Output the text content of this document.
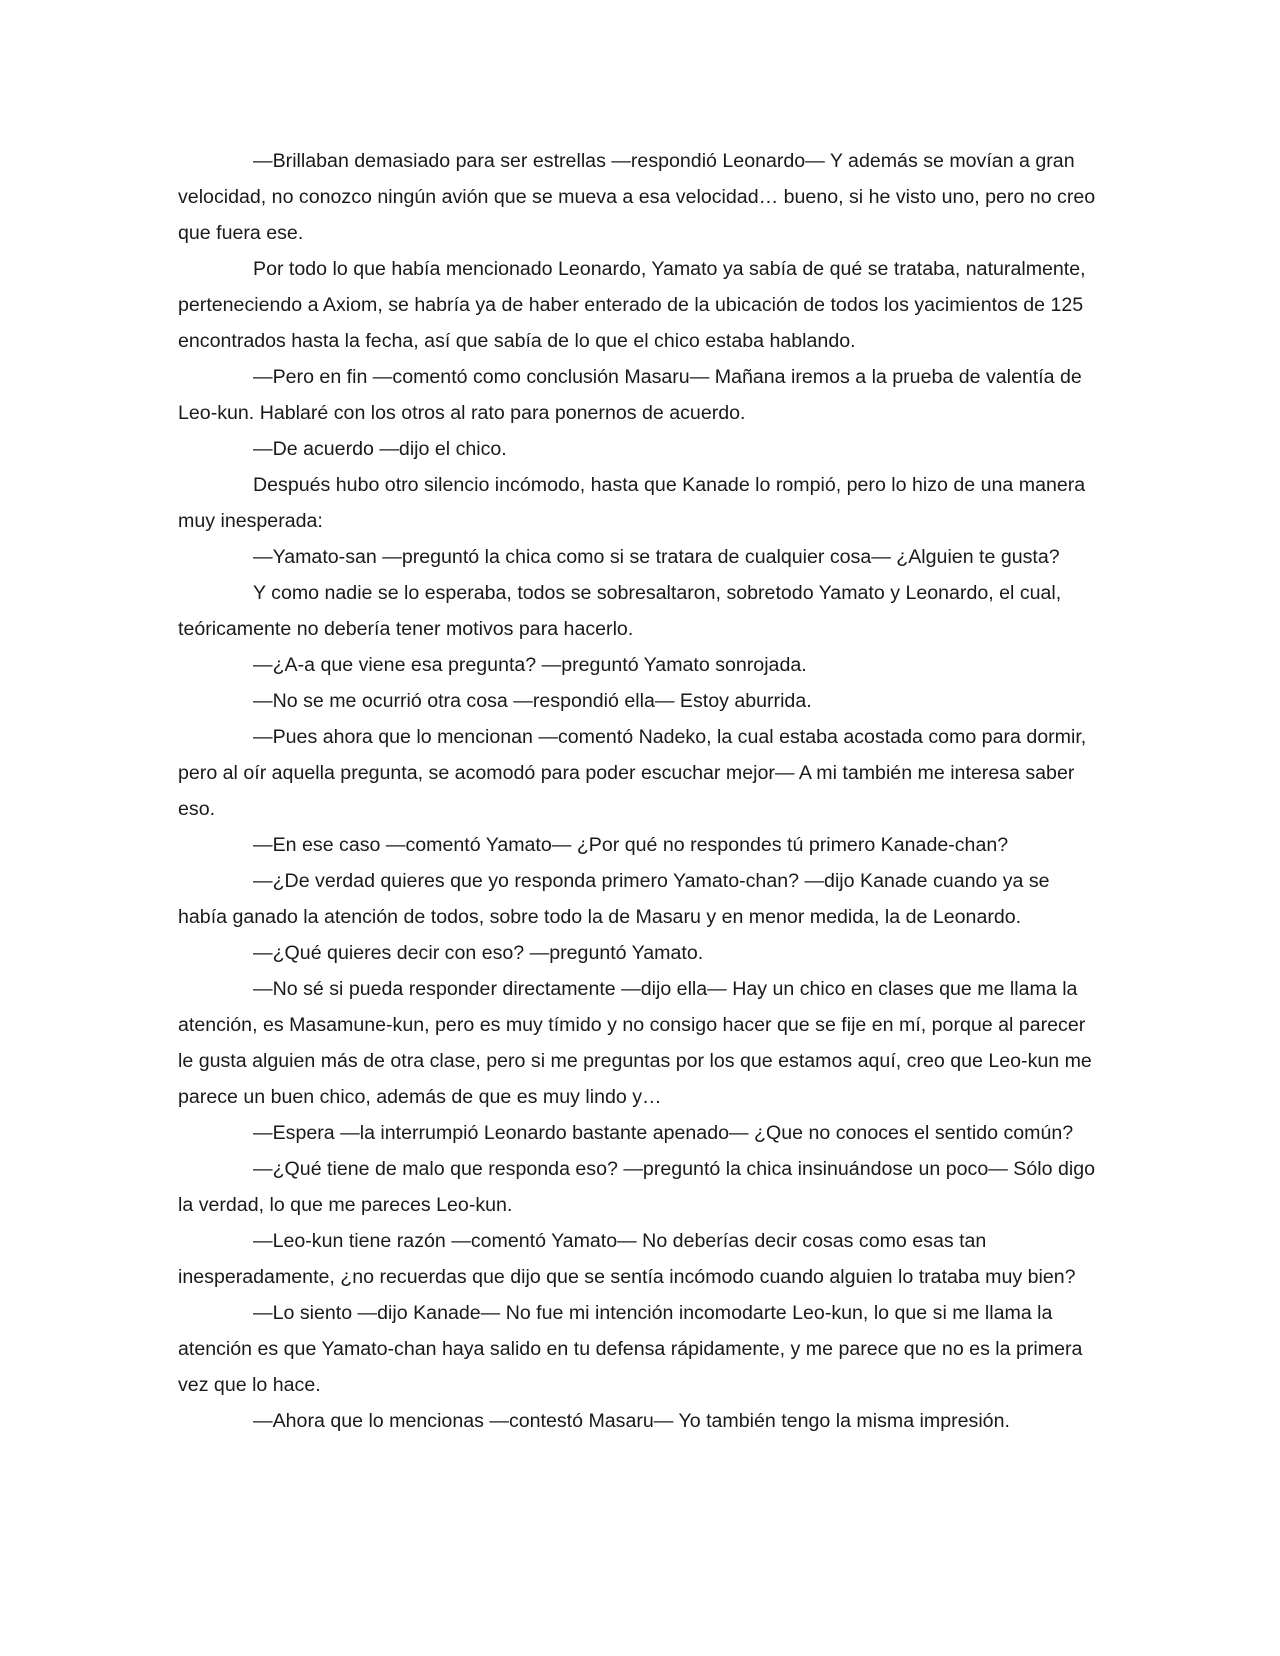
—Brillaban demasiado para ser estrellas —respondió Leonardo— Y además se movían a gran velocidad, no conozco ningún avión que se mueva a esa velocidad… bueno, si he visto uno, pero no creo que fuera ese.

Por todo lo que había mencionado Leonardo, Yamato ya sabía de qué se trataba, naturalmente, perteneciendo a Axiom, se habría ya de haber enterado de la ubicación de todos los yacimientos de 125 encontrados hasta la fecha, así que sabía de lo que el chico estaba hablando.

—Pero en fin —comentó como conclusión Masaru— Mañana iremos a la prueba de valentía de Leo-kun. Hablaré con los otros al rato para ponernos de acuerdo.

—De acuerdo —dijo el chico.

Después hubo otro silencio incómodo, hasta que Kanade lo rompió, pero lo hizo de una manera muy inesperada:

—Yamato-san —preguntó la chica como si se tratara de cualquier cosa— ¿Alguien te gusta?

Y como nadie se lo esperaba, todos se sobresaltaron, sobretodo Yamato y Leonardo, el cual, teóricamente no debería tener motivos para hacerlo.

—¿A-a que viene esa pregunta? —preguntó Yamato sonrojada.

—No se me ocurrió otra cosa —respondió ella— Estoy aburrida.

—Pues ahora que lo mencionan —comentó Nadeko, la cual estaba acostada como para dormir, pero al oír aquella pregunta, se acomodó para poder escuchar mejor— A mi también me interesa saber eso.

—En ese caso —comentó Yamato— ¿Por qué no respondes tú primero Kanade-chan?

—¿De verdad quieres que yo responda primero Yamato-chan? —dijo Kanade cuando ya se había ganado la atención de todos, sobre todo la de Masaru y en menor medida, la de Leonardo.

—¿Qué quieres decir con eso? —preguntó Yamato.

—No sé si pueda responder directamente —dijo ella— Hay un chico en clases que me llama la atención, es Masamune-kun, pero es muy tímido y no consigo hacer que se fije en mí, porque al parecer le gusta alguien más de otra clase, pero si me preguntas por los que estamos aquí, creo que Leo-kun me parece un buen chico, además de que es muy lindo y…

—Espera —la interrumpió Leonardo bastante apenado— ¿Que no conoces el sentido común?

—¿Qué tiene de malo que responda eso? —preguntó la chica insinuándose un poco— Sólo digo la verdad, lo que me pareces Leo-kun.

—Leo-kun tiene razón —comentó Yamato— No deberías decir cosas como esas tan inesperadamente, ¿no recuerdas que dijo que se sentía incómodo cuando alguien lo trataba muy bien?

—Lo siento —dijo Kanade— No fue mi intención incomodarte Leo-kun, lo que si me llama la atención es que Yamato-chan haya salido en tu defensa rápidamente, y me parece que no es la primera vez que lo hace.

—Ahora que lo mencionas —contestó Masaru— Yo también tengo la misma impresión.
